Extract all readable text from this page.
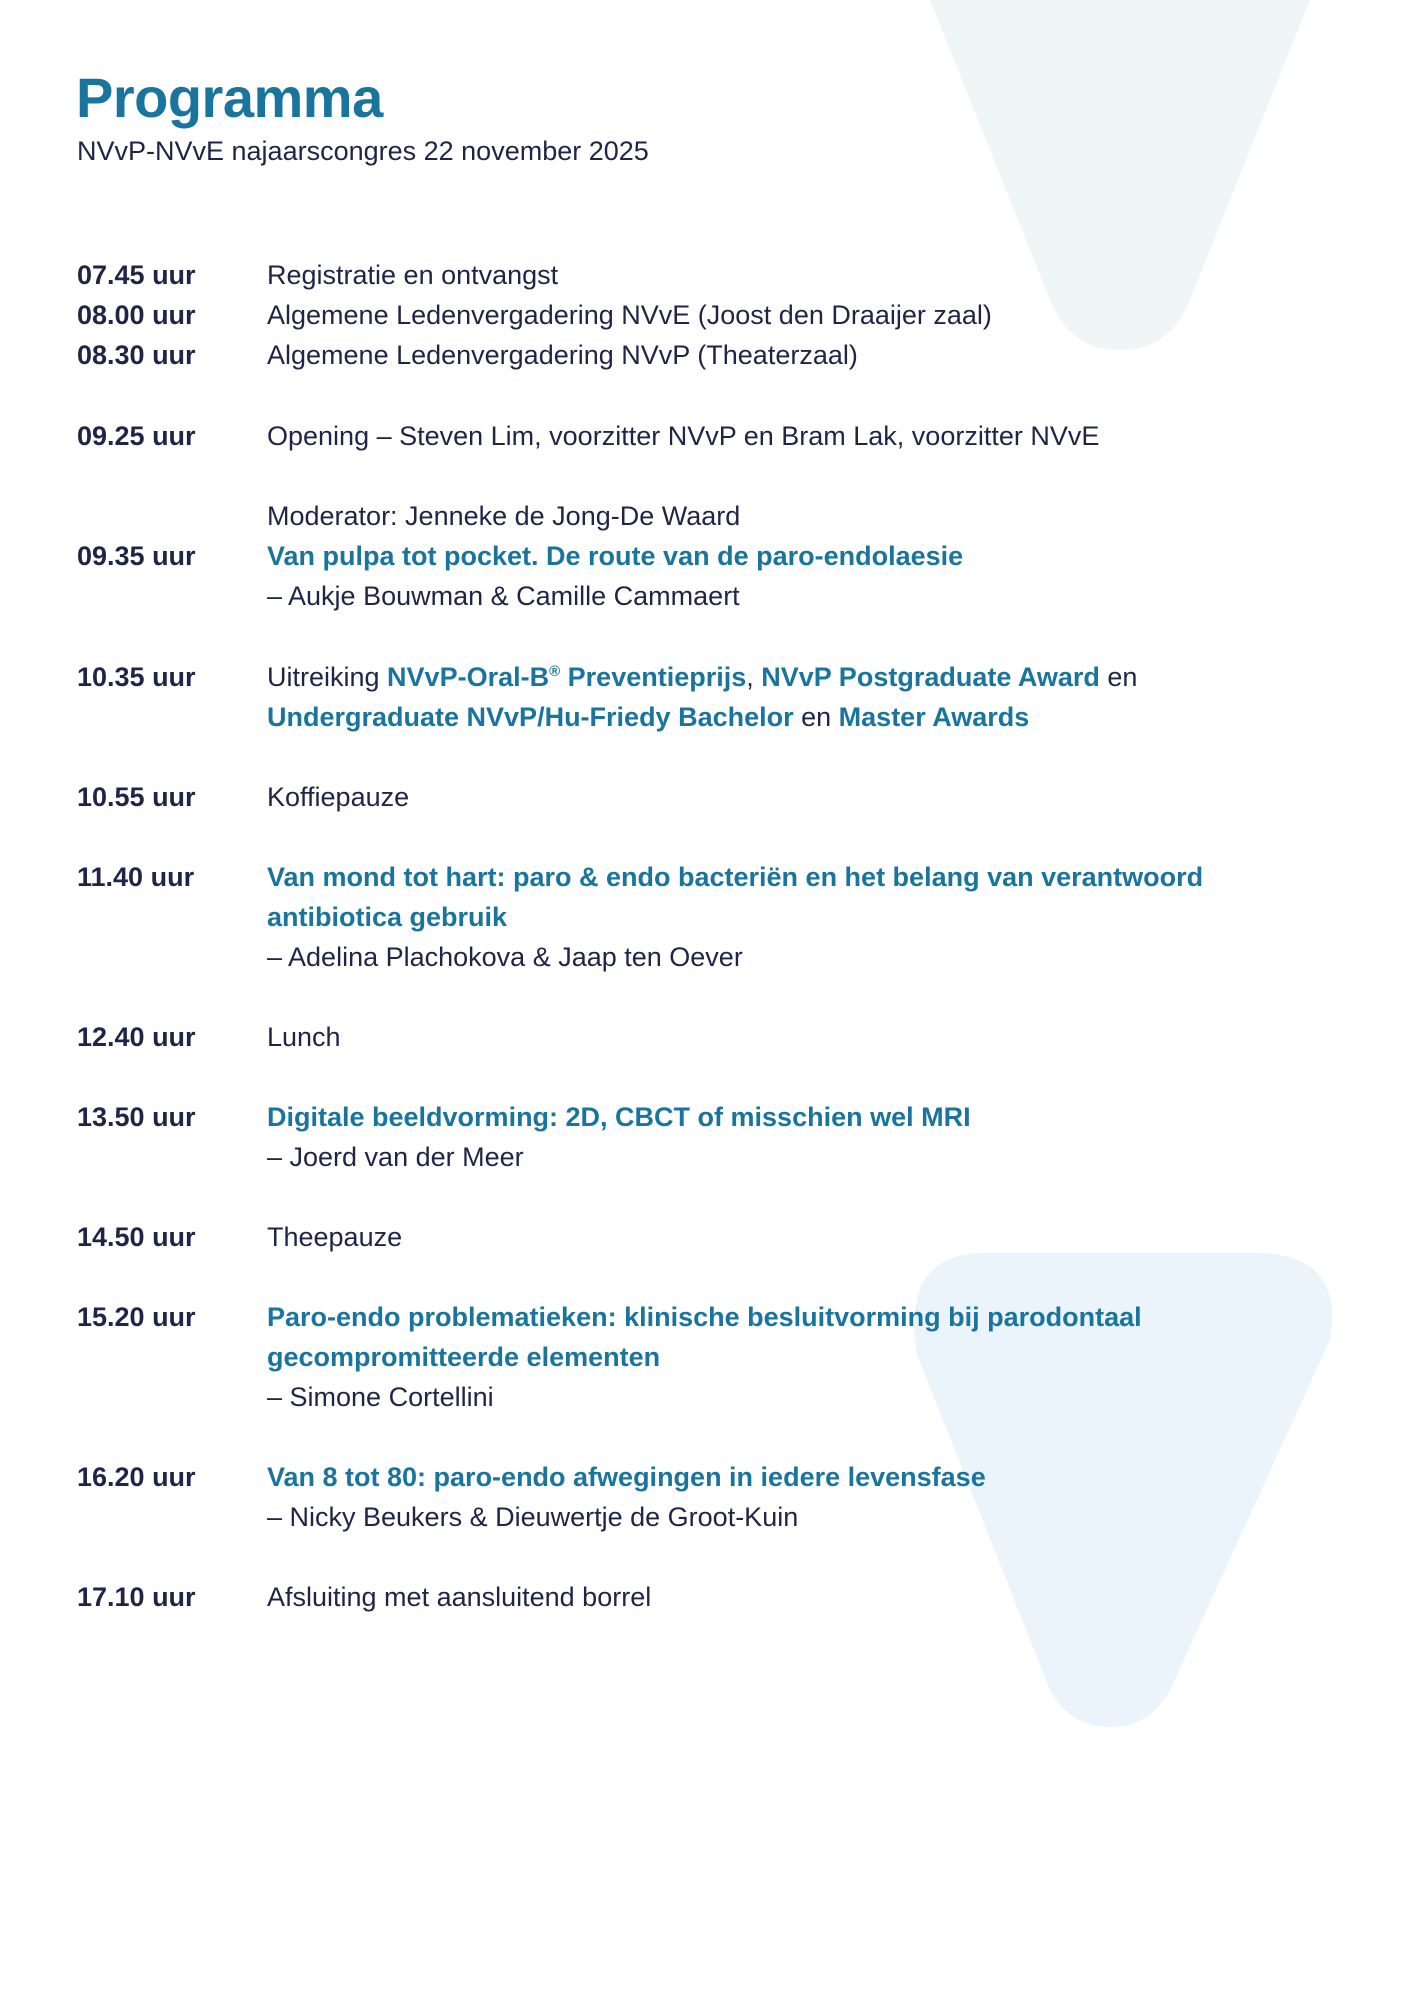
Programma
NVvP-NVvE najaarscongres 22 november 2025
07.45 uur	Registratie en ontvangst
08.00 uur	Algemene Ledenvergadering NVvE (Joost den Draaijer zaal)
08.30 uur	Algemene Ledenvergadering NVvP (Theaterzaal)
09.25 uur	Opening – Steven Lim, voorzitter NVvP en Bram Lak, voorzitter NVvE
09.35 uur
Moderator: Jenneke de Jong-De Waard
Van pulpa tot pocket. De route van de paro-endolaesie
– Aukje Bouwman & Camille Cammaert
10.35 uur	Uitreiking NVvP-Oral-B® Preventieprijs, NVvP Postgraduate Award en
Undergraduate NVvP/Hu-Friedy Bachelor en Master Awards
10.55 uur	Koffiepauze
11.40 uur	Van mond tot hart: paro & endo bacteriën en het belang van verantwoord
antibiotica gebruik
– Adelina Plachokova & Jaap ten Oever
12.40 uur	Lunch
13.50 uur	Digitale beeldvorming: 2D, CBCT of misschien wel MRI
– Joerd van der Meer
14.50 uur	Theepauze
15.20 uur	Paro-endo problematieken: klinische besluitvorming bij parodontaal
gecompromitteerde elementen
– Simone Cortellini
16.20 uur	Van 8 tot 80: paro-endo afwegingen in iedere levensfase
– Nicky Beukers & Dieuwertje de Groot-Kuin
17.10 uur	Afsluiting met aansluitend borrel
